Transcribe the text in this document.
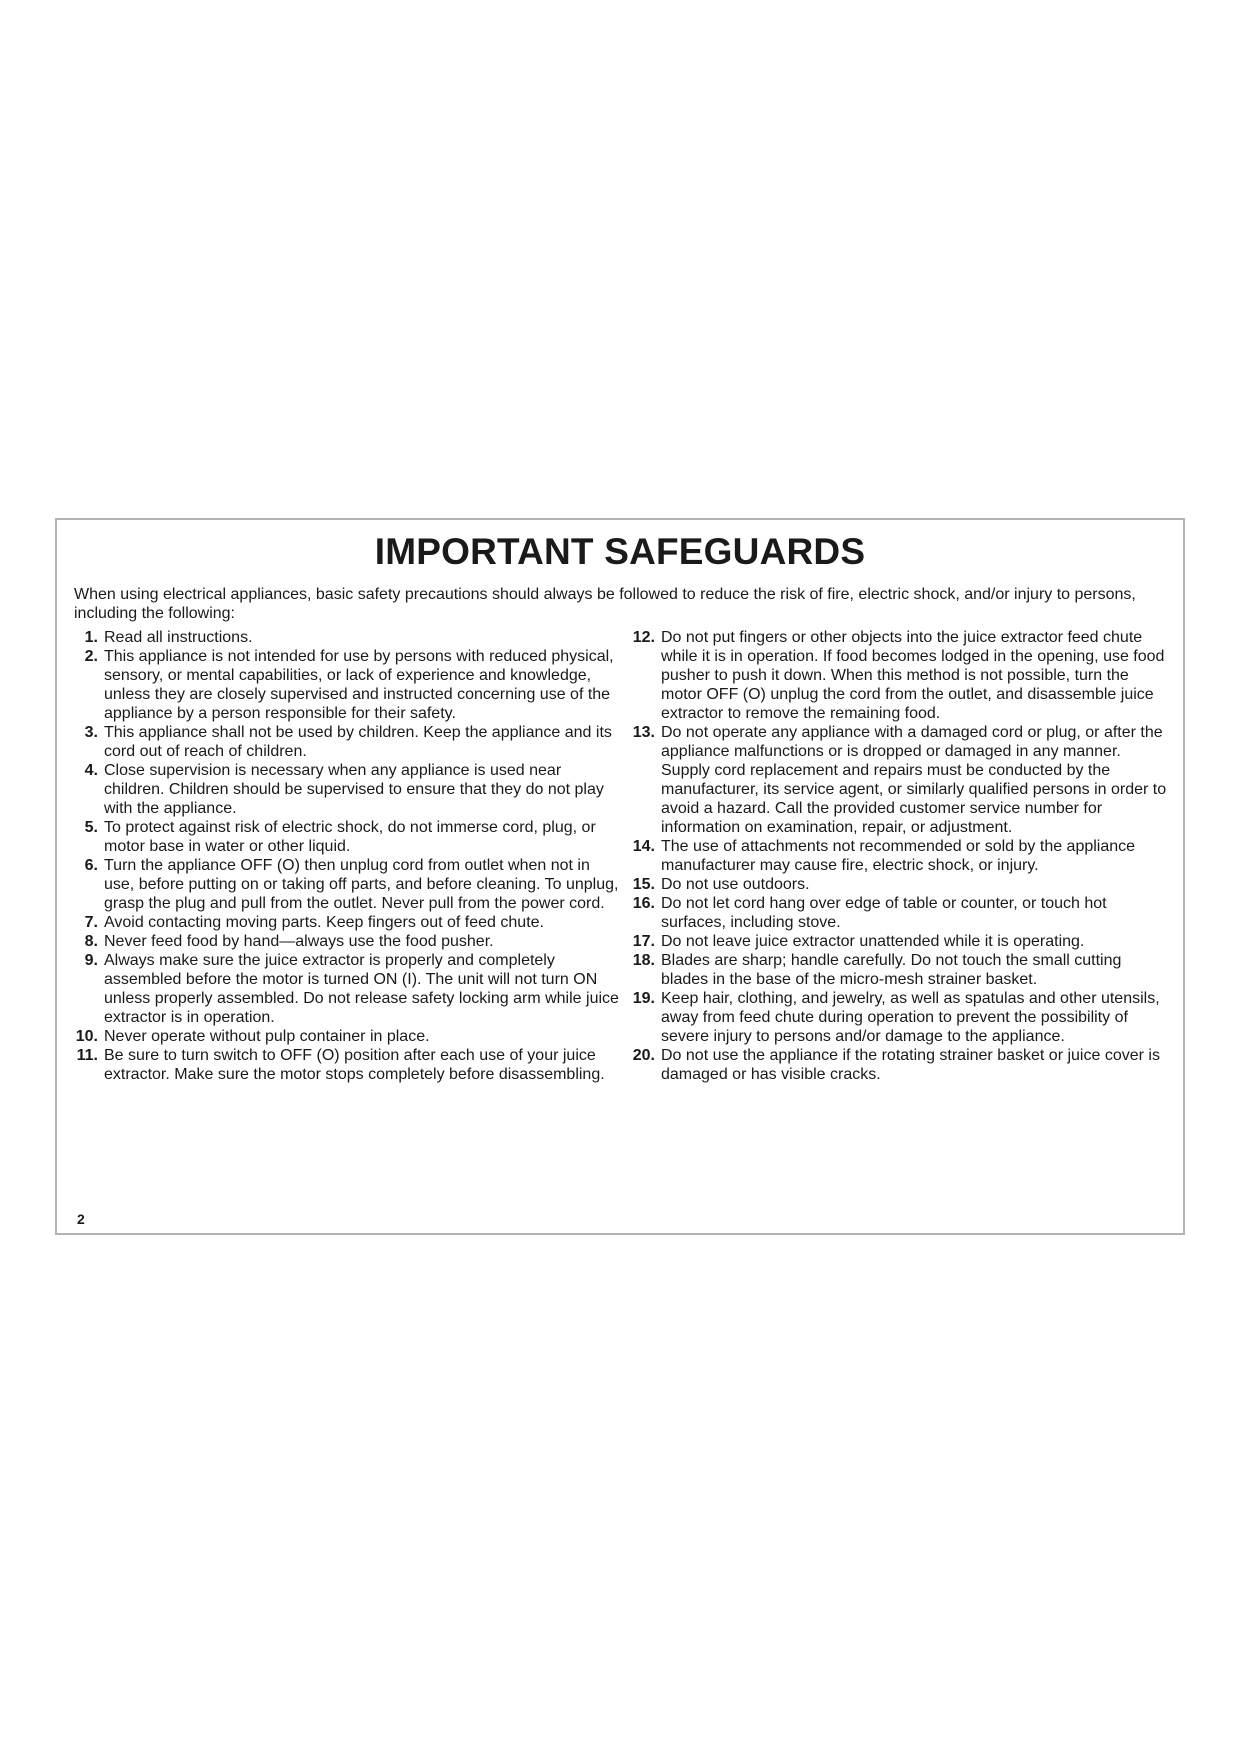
IMPORTANT SAFEGUARDS

When using electrical appliances, basic safety precautions should always be followed to reduce the risk of fire, electric shock, and/or injury to persons, including the following:

1. Read all instructions.
2. This appliance is not intended for use by persons with reduced physical, sensory, or mental capabilities, or lack of experience and knowledge, unless they are closely supervised and instructed concerning use of the appliance by a person responsible for their safety.
3. This appliance shall not be used by children. Keep the appliance and its cord out of reach of children.
4. Close supervision is necessary when any appliance is used near children. Children should be supervised to ensure that they do not play with the appliance.
5. To protect against risk of electric shock, do not immerse cord, plug, or motor base in water or other liquid.
6. Turn the appliance OFF (O) then unplug cord from outlet when not in use, before putting on or taking off parts, and before cleaning. To unplug, grasp the plug and pull from the outlet. Never pull from the power cord.
7. Avoid contacting moving parts. Keep fingers out of feed chute.
8. Never feed food by hand—always use the food pusher.
9. Always make sure the juice extractor is properly and completely assembled before the motor is turned ON (I). The unit will not turn ON unless properly assembled. Do not release safety locking arm while juice extractor is in operation.
10. Never operate without pulp container in place.
11. Be sure to turn switch to OFF (O) position after each use of your juice extractor. Make sure the motor stops completely before disassembling.
12. Do not put fingers or other objects into the juice extractor feed chute while it is in operation. If food becomes lodged in the opening, use food pusher to push it down. When this method is not possible, turn the motor OFF (O) unplug the cord from the outlet, and disassemble juice extractor to remove the remaining food.
13. Do not operate any appliance with a damaged cord or plug, or after the appliance malfunctions or is dropped or damaged in any manner. Supply cord replacement and repairs must be conducted by the manufacturer, its service agent, or similarly qualified persons in order to avoid a hazard. Call the provided customer service number for information on examination, repair, or adjustment.
14. The use of attachments not recommended or sold by the appliance manufacturer may cause fire, electric shock, or injury.
15. Do not use outdoors.
16. Do not let cord hang over edge of table or counter, or touch hot surfaces, including stove.
17. Do not leave juice extractor unattended while it is operating.
18. Blades are sharp; handle carefully. Do not touch the small cutting blades in the base of the micro-mesh strainer basket.
19. Keep hair, clothing, and jewelry, as well as spatulas and other utensils, away from feed chute during operation to prevent the possibility of severe injury to persons and/or damage to the appliance.
20. Do not use the appliance if the rotating strainer basket or juice cover is damaged or has visible cracks.
2
